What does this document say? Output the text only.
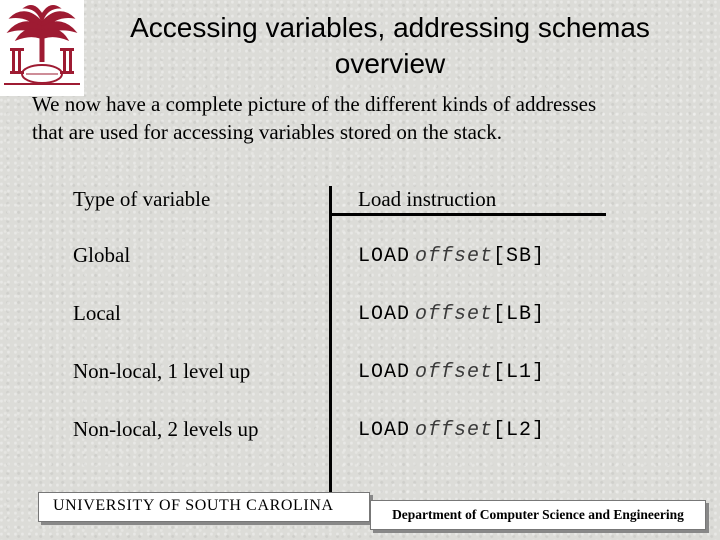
Accessing variables, addressing schemas
overview
We now have a complete picture of the different kinds of addresses
that are used for accessing variables stored on the stack.
Type of variable	Load instruction
Global	LOAD offset[SB]
Local	LOAD offset[LB]
Non-local, 1 level up	LOAD offset[L1]
Non-local, 2 levels up	LOAD offset[L2]
UNIVERSITY OF SOUTH CAROLINA
Department of Computer Science and Engineering
